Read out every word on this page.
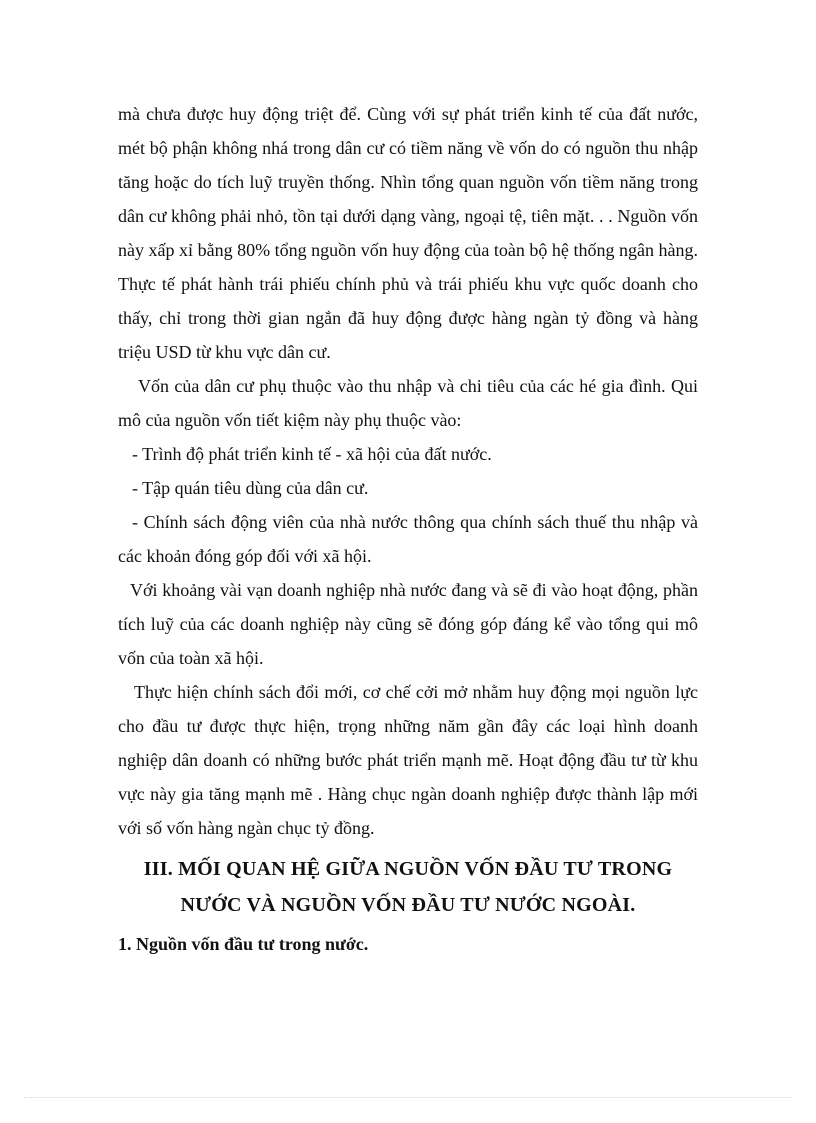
mà chưa được huy động triệt để. Cùng với sự phát triển kinh tế của đất nước, mét bộ phận không nhá trong dân cư có tiềm năng về vốn do có nguồn thu nhập tăng hoặc do tích luỹ truyền thống. Nhìn tổng quan nguồn vốn tiềm năng trong dân cư không phải nhỏ, tồn tại dưới dạng vàng, ngoại tệ, tiên mặt. . . Nguồn vốn này xấp xỉ bằng 80% tổng nguồn vốn huy động của toàn bộ hệ thống ngân hàng. Thực tế phát hành trái phiếu chính phủ và trái phiếu khu vực quốc doanh cho thấy, chỉ trong thời gian ngắn đã huy động được hàng ngàn tỷ đồng và hàng triệu USD từ khu vực dân cư.

Vốn của dân cư phụ thuộc vào thu nhập và chi tiêu của các hé gia đình. Qui mô của nguồn vốn tiết kiệm này phụ thuộc vào:

- Trình độ phát triển kinh tế - xã hội của đất nước.

- Tập quán tiêu dùng của dân cư.

- Chính sách động viên của nhà nước thông qua chính sách thuế thu nhập và các khoản đóng góp đối với xã hội.

Với khoảng vài vạn doanh nghiệp nhà nước đang và sẽ đi vào hoạt động, phần tích luỹ của các doanh nghiệp này cũng sẽ đóng góp đáng kể vào tổng qui mô vốn của toàn xã hội.

Thực hiện chính sách đổi mới, cơ chế cởi mở nhằm huy động mọi nguồn lực cho đầu tư được thực hiện, trọng những năm gần đây các loại hình doanh nghiệp dân doanh có những bước phát triển mạnh mẽ. Hoạt động đầu tư từ khu vực này gia tăng mạnh mẽ . Hàng chục ngàn doanh nghiệp được thành lập mới với số vốn hàng ngàn chục tỷ đồng.

III. MỐI QUAN HỆ GIỮA NGUỒN VỐN ĐẦU TƯ TRONG NƯỚC VÀ NGUỒN VỐN ĐẦU TƯ NƯỚC NGOÀI.
1. Nguồn vốn đầu tư trong nước.
